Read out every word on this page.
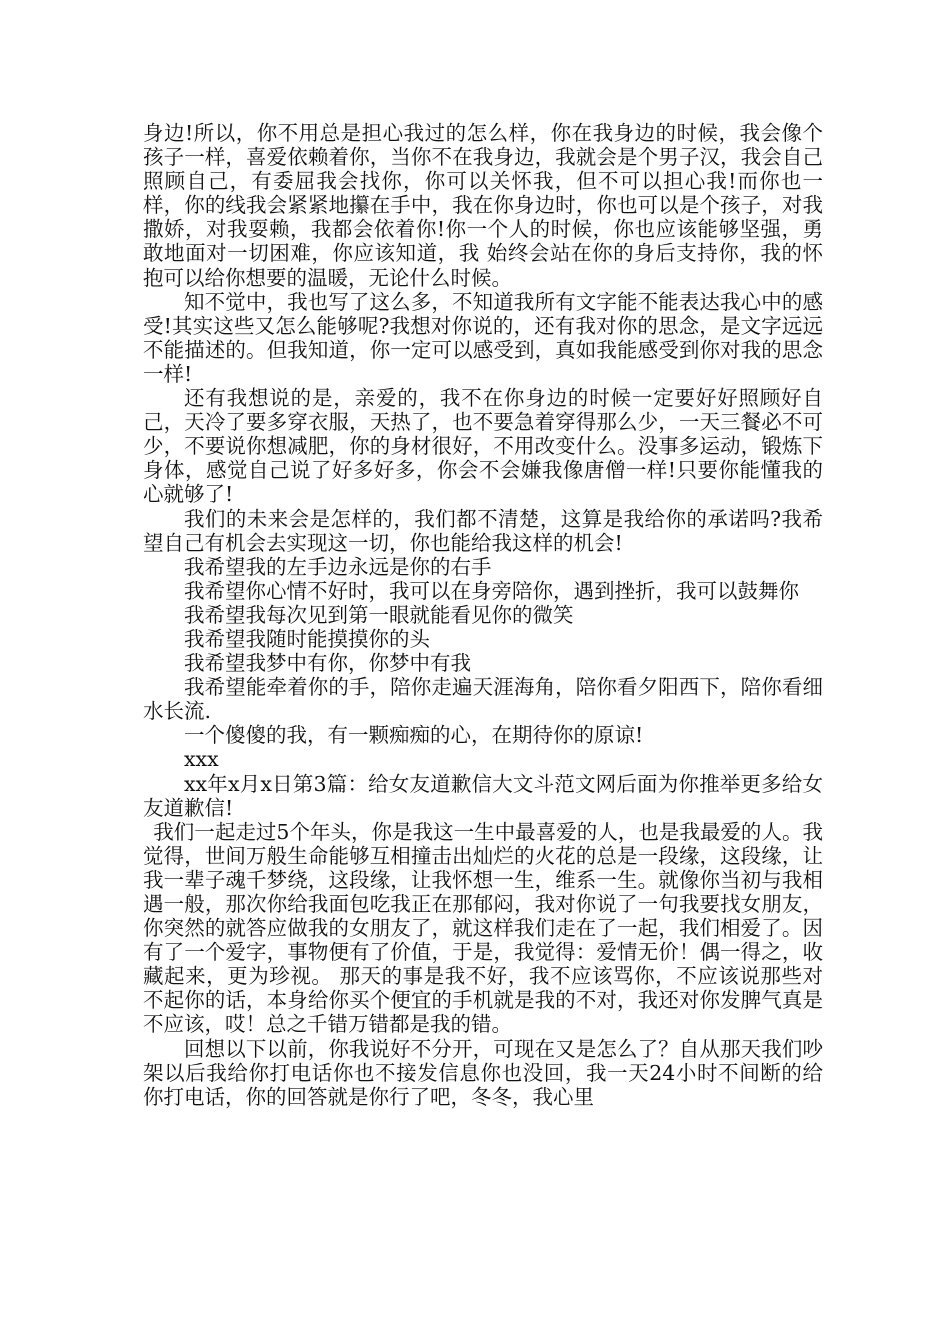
身边!所以，你不用总是担心我过的怎么样，你在我身边的时候，我会像个孩子一样，喜爱依赖着你，当你不在我身边，我就会是个男子汉，我会自己照顾自己，有委屈我会找你，你可以关怀我，但不可以担心我!而你也一样，你的线我会紧紧地攥在手中，我在你身边时，你也可以是个孩子，对我撒娇，对我耍赖，我都会依着你!你一个人的时候，你也应该能够坚强，勇敢地面对一切困难，你应该知道，我 始终会站在你的身后支持你，我的怀抱可以给你想要的温暖，无论什么时候。

知不觉中，我也写了这么多，不知道我所有文字能不能表达我心中的感受!其实这些又怎么能够呢?我想对你说的，还有我对你的思念，是文字远远不能描述的。但我知道，你一定可以感受到，真如我能感受到你对我的思念一样!

还有我想说的是，亲爱的，我不在你身边的时候一定要好好照顾好自己，天冷了要多穿衣服，天热了，也不要急着穿得那么少，一天三餐必不可少，不要说你想减肥，你的身材很好，不用改变什么。没事多运动，锻炼下身体，感觉自己说了好多好多，你会不会嫌我像唐僧一样!只要你能懂我的心就够了!

我们的未来会是怎样的，我们都不清楚，这算是我给你的承诺吗?我希望自己有机会去实现这一切，你也能给我这样的机会!

我希望我的左手边永远是你的右手

我希望你心情不好时，我可以在身旁陪你，遇到挫折，我可以鼓舞你

我希望我每次见到第一眼就能看见你的微笑

我希望我随时能摸摸你的头

我希望我梦中有你，你梦中有我

我希望能牵着你的手，陪你走遍天涯海角，陪你看夕阳西下，陪你看细水长流.

一个傻傻的我，有一颗痴痴的心，在期待你的原谅!

xxx

xx年x月x日第3篇：给女友道歉信大文斗范文网后面为你推举更多给女友道歉信!

我们一起走过5个年头，你是我这一生中最喜爱的人，也是我最爱的人。我觉得，世间万般生命能够互相撞击出灿烂的火花的总是一段缘，这段缘，让我一辈子魂千梦绕，这段缘，让我怀想一生，维系一生。就像你当初与我相遇一般，那次你给我面包吃我正在那郁闷，我对你说了一句我要找女朋友，你突然的就答应做我的女朋友了，就这样我们走在了一起，我们相爱了。因有了一个爱字，事物便有了价值，于是，我觉得：爱情无价！偶一得之，收藏起来，更为珍视。 那天的事是我不好，我不应该骂你，不应该说那些对不起你的话，本身给你买个便宜的手机就是我的不对，我还对你发脾气真是不应该，哎！总之千错万错都是我的错。

回想以下以前，你我说好不分开，可现在又是怎么了？自从那天我们吵架以后我给你打电话你也不接发信息你也没回，我一天24小时不间断的给你打电话，你的回答就是你行了吧，冬冬，我心里
